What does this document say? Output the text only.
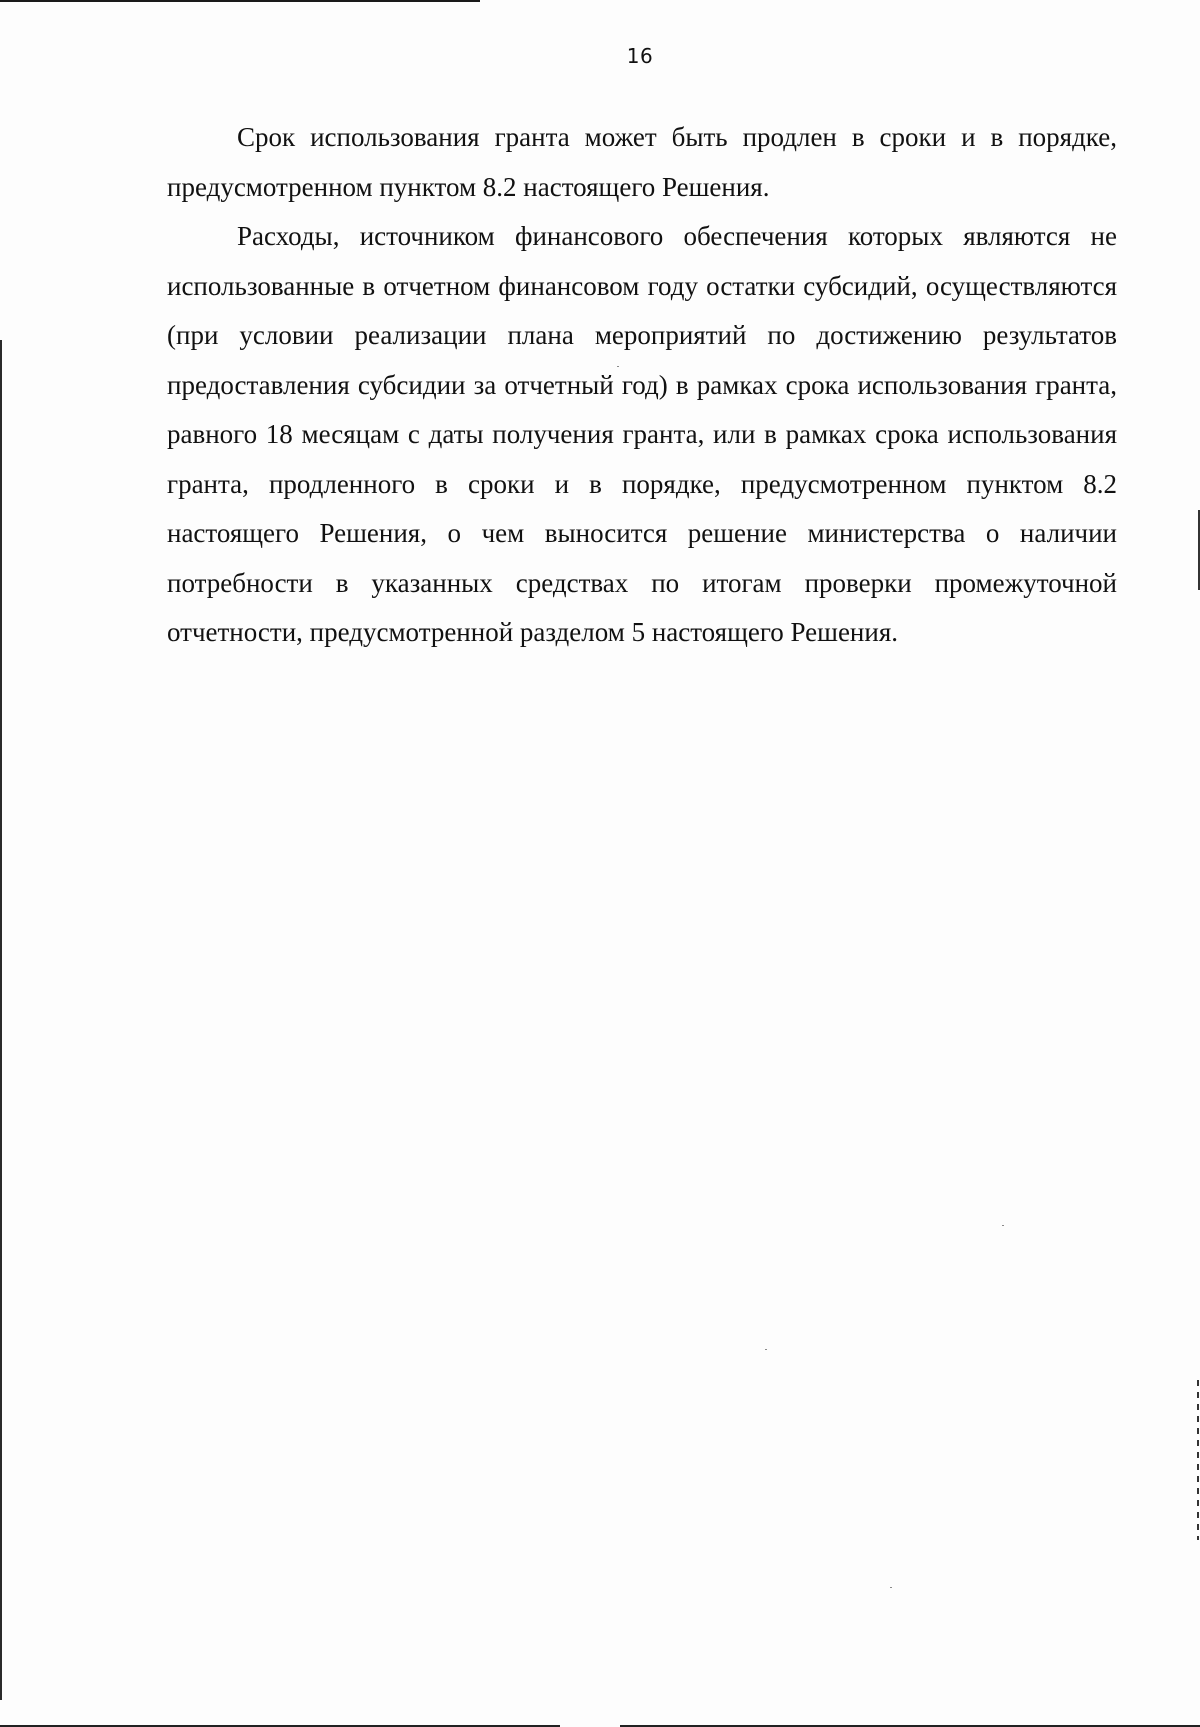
16

Срок использования гранта может быть продлен в сроки и в порядке, предусмотренном пунктом 8.2 настоящего Решения.

Расходы, источником финансового обеспечения которых являются не использованные в отчетном финансовом году остатки субсидий, осуществляются (при условии реализации плана мероприятий по достижению результатов предоставления субсидии за отчетный год) в рамках срока использования гранта, равного 18 месяцам с даты получения гранта, или в рамках срока использования гранта, продленного в сроки и в порядке, предусмотренном пунктом 8.2 настоящего Решения, о чем выносится решение министерства о наличии потребности в указанных средствах по итогам проверки промежуточной отчетности, предусмотренной разделом 5 настоящего Решения.
